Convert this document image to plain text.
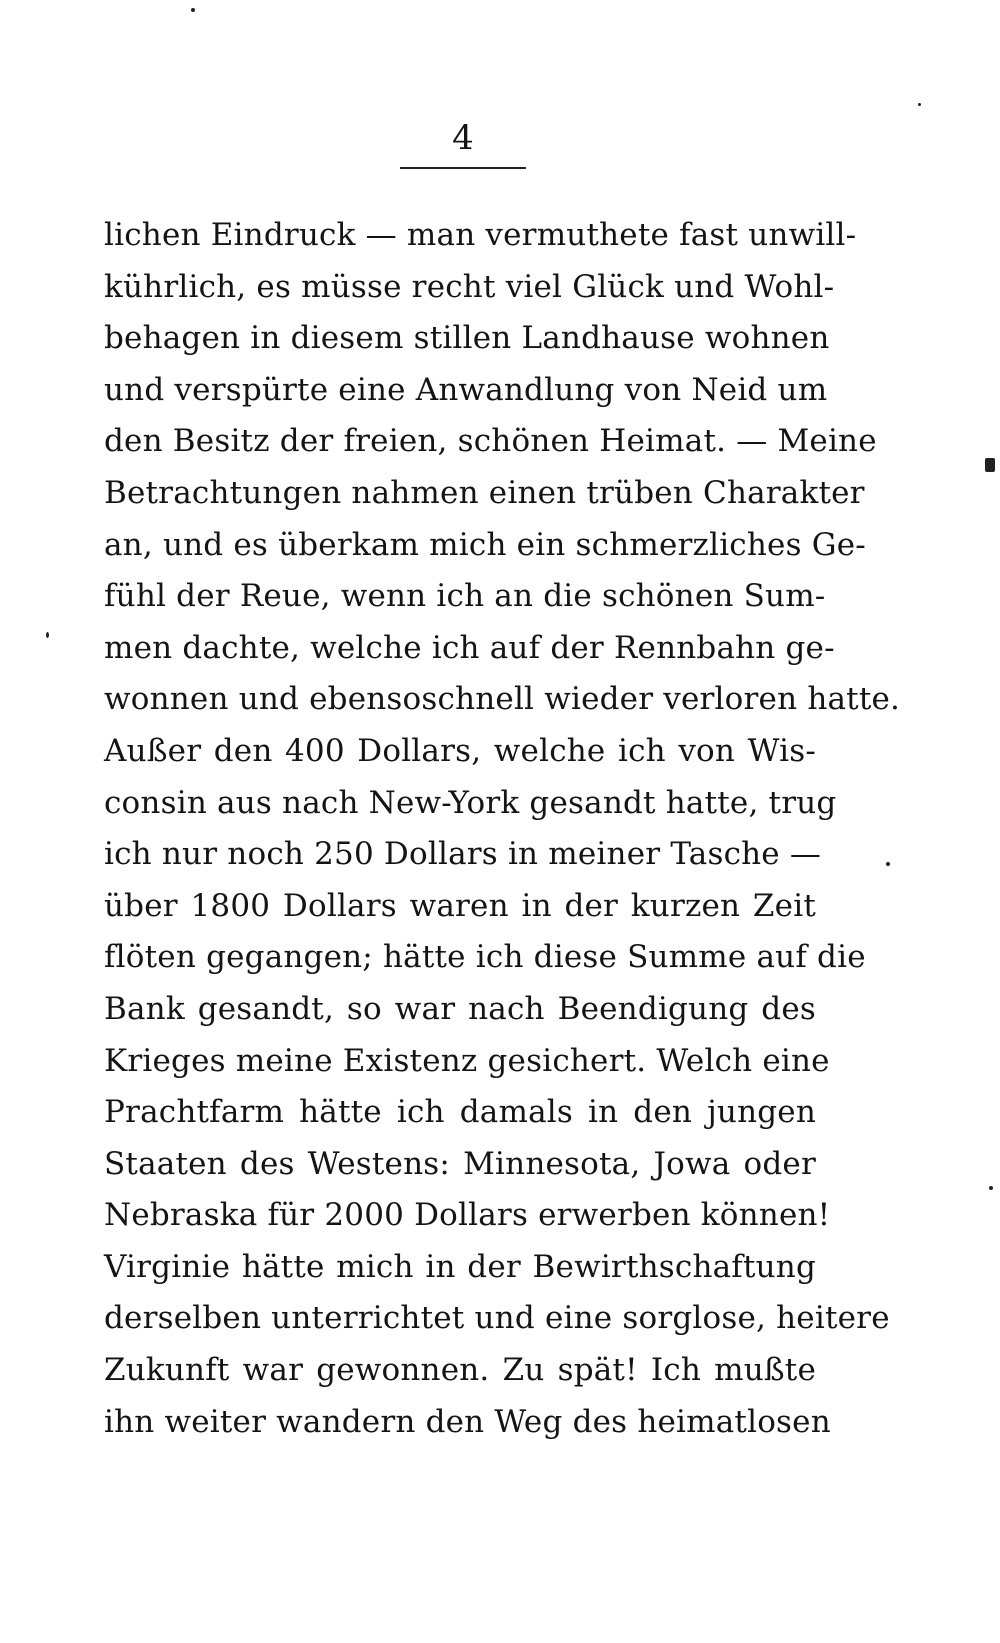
4
lichen Eindruck — man vermuthete fast unwill-
kührlich, es müsse recht viel Glück und Wohl-
behagen in diesem stillen Landhause wohnen
und verspürte eine Anwandlung von Neid um
den Besitz der freien, schönen Heimat. — Meine
Betrachtungen nahmen einen trüben Charakter
an, und es überkam mich ein schmerzliches Ge-
fühl der Reue, wenn ich an die schönen Sum-
men dachte, welche ich auf der Rennbahn ge-
wonnen und ebensoschnell wieder verloren hatte.
Außer den 400 Dollars, welche ich von Wis-
consin aus nach New-York gesandt hatte, trug
ich nur noch 250 Dollars in meiner Tasche —
über 1800 Dollars waren in der kurzen Zeit
flöten gegangen; hätte ich diese Summe auf die
Bank gesandt, so war nach Beendigung des
Krieges meine Existenz gesichert. Welch eine
Prachtfarm hätte ich damals in den jungen
Staaten des Westens: Minnesota, Jowa oder
Nebraska für 2000 Dollars erwerben können!
Virginie hätte mich in der Bewirthschaftung
derselben unterrichtet und eine sorglose, heitere
Zukunft war gewonnen. Zu spät! Ich mußte
ihn weiter wandern den Weg des heimatlosen
